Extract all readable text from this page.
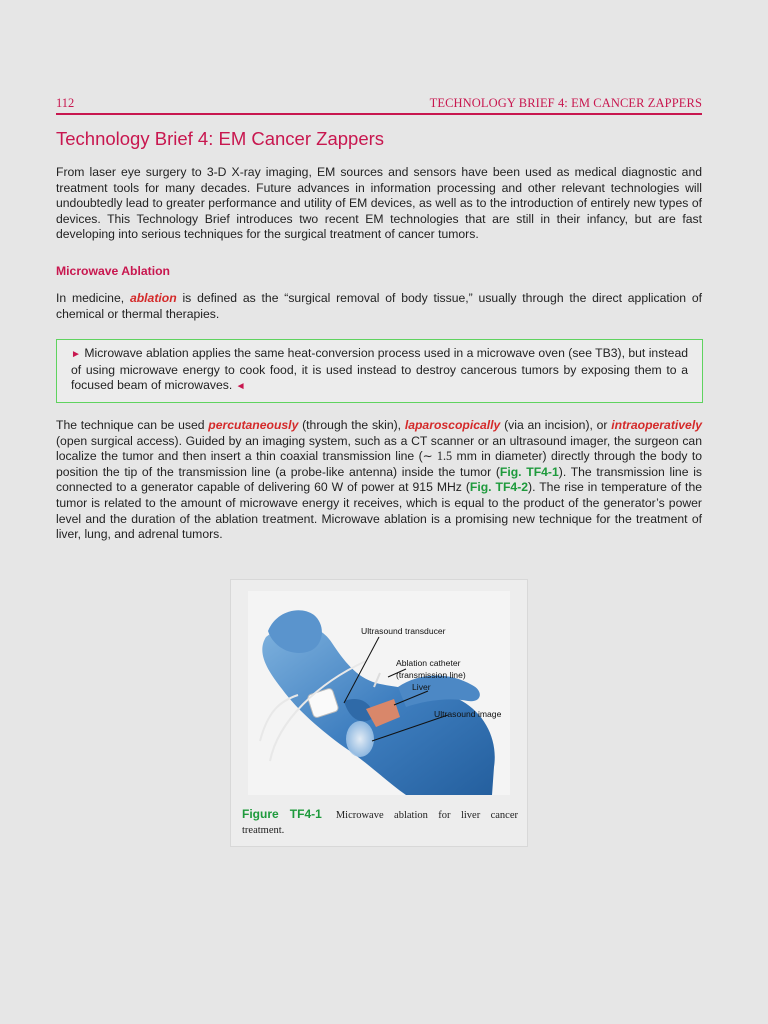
112	TECHNOLOGY BRIEF 4: EM CANCER ZAPPERS
Technology Brief 4: EM Cancer Zappers

From laser eye surgery to 3-D X-ray imaging, EM sources and sensors have been used as medical diagnostic and treatment tools for many decades. Future advances in information processing and other relevant technologies will undoubtedly lead to greater performance and utility of EM devices, as well as to the introduction of entirely new types of devices. This Technology Brief introduces two recent EM technologies that are still in their infancy, but are fast developing into serious techniques for the surgical treatment of cancer tumors.

Microwave Ablation

In medicine, ablation is defined as the “surgical removal of body tissue,” usually through the direct application of chemical or thermal therapies.

► Microwave ablation applies the same heat-conversion process used in a microwave oven (see TB3), but instead of using microwave energy to cook food, it is used instead to destroy cancerous tumors by exposing them to a focused beam of microwaves. ◄

The technique can be used percutaneously (through the skin), laparoscopically (via an incision), or intraoperatively (open surgical access). Guided by an imaging system, such as a CT scanner or an ultrasound imager, the surgeon can localize the tumor and then insert a thin coaxial transmission line (∼ 1.5 mm in diameter) directly through the body to position the tip of the transmission line (a probe-like antenna) inside the tumor (Fig. TF4-1). The transmission line is connected to a generator capable of delivering 60 W of power at 915 MHz (Fig. TF4-2). The rise in temperature of the tumor is related to the amount of microwave energy it receives, which is equal to the product of the generator’s power level and the duration of the ablation treatment. Microwave ablation is a promising new technique for the treatment of liver, lung, and adrenal tumors.

Ultrasound transducer
Ablation catheter
(transmission line)
Liver
Ultrasound image
Figure TF4-1 Microwave ablation for liver cancer treatment.
